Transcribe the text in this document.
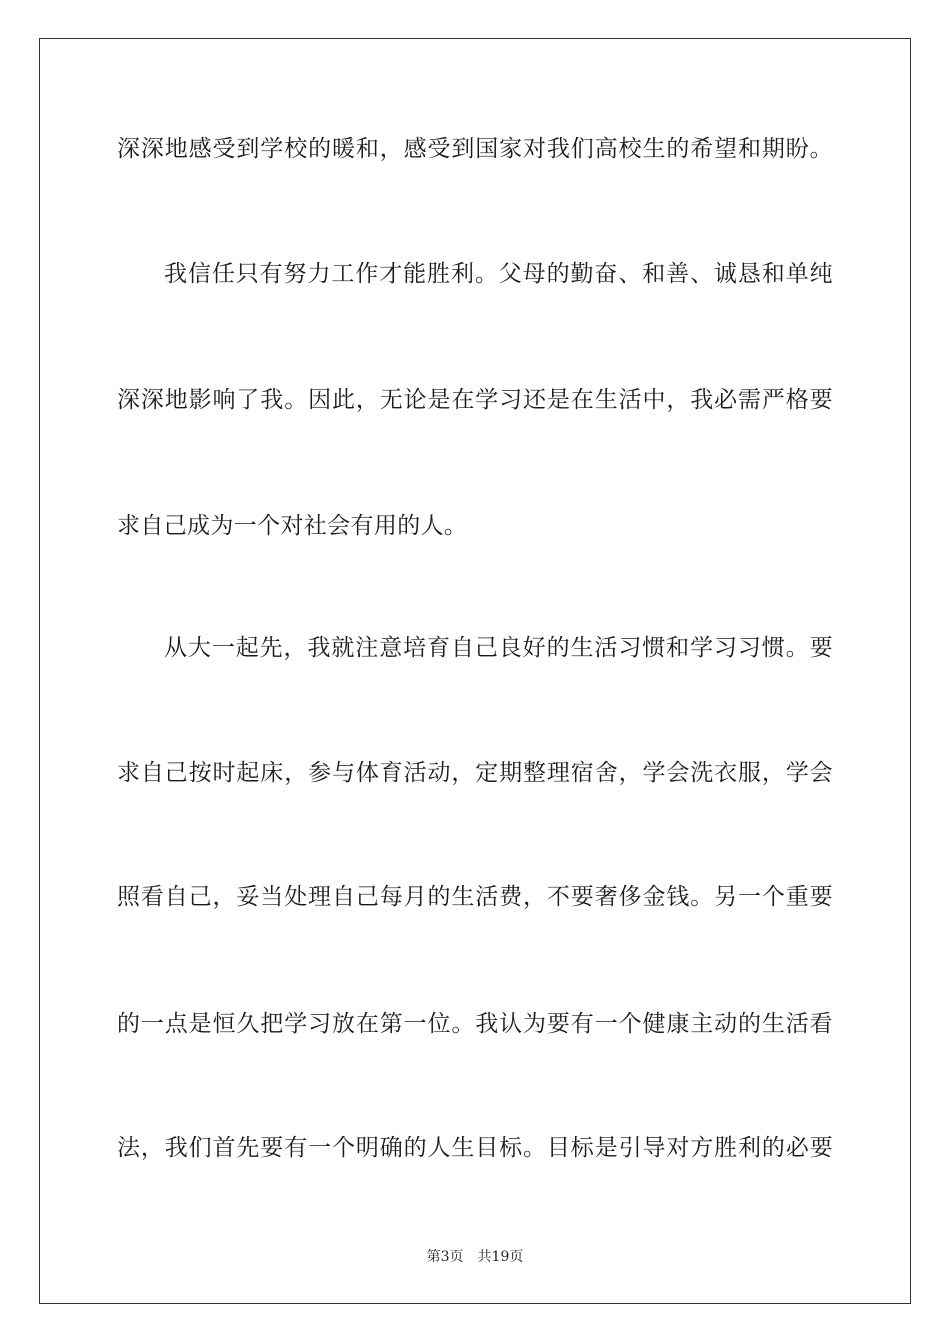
深深地感受到学校的暖和，感受到国家对我们高校生的希望和期盼。
我信任只有努力工作才能胜利。父母的勤奋、和善、诚恳和单纯
深深地影响了我。因此，无论是在学习还是在生活中，我必需严格要
求自己成为一个对社会有用的人。
从大一起先，我就注意培育自己良好的生活习惯和学习习惯。要
求自己按时起床，参与体育活动，定期整理宿舍，学会洗衣服，学会
照看自己，妥当处理自己每月的生活费，不要奢侈金钱。另一个重要
的一点是恒久把学习放在第一位。我认为要有一个健康主动的生活看
法，我们首先要有一个明确的人生目标。目标是引导对方胜利的必要
第3页　共19页
